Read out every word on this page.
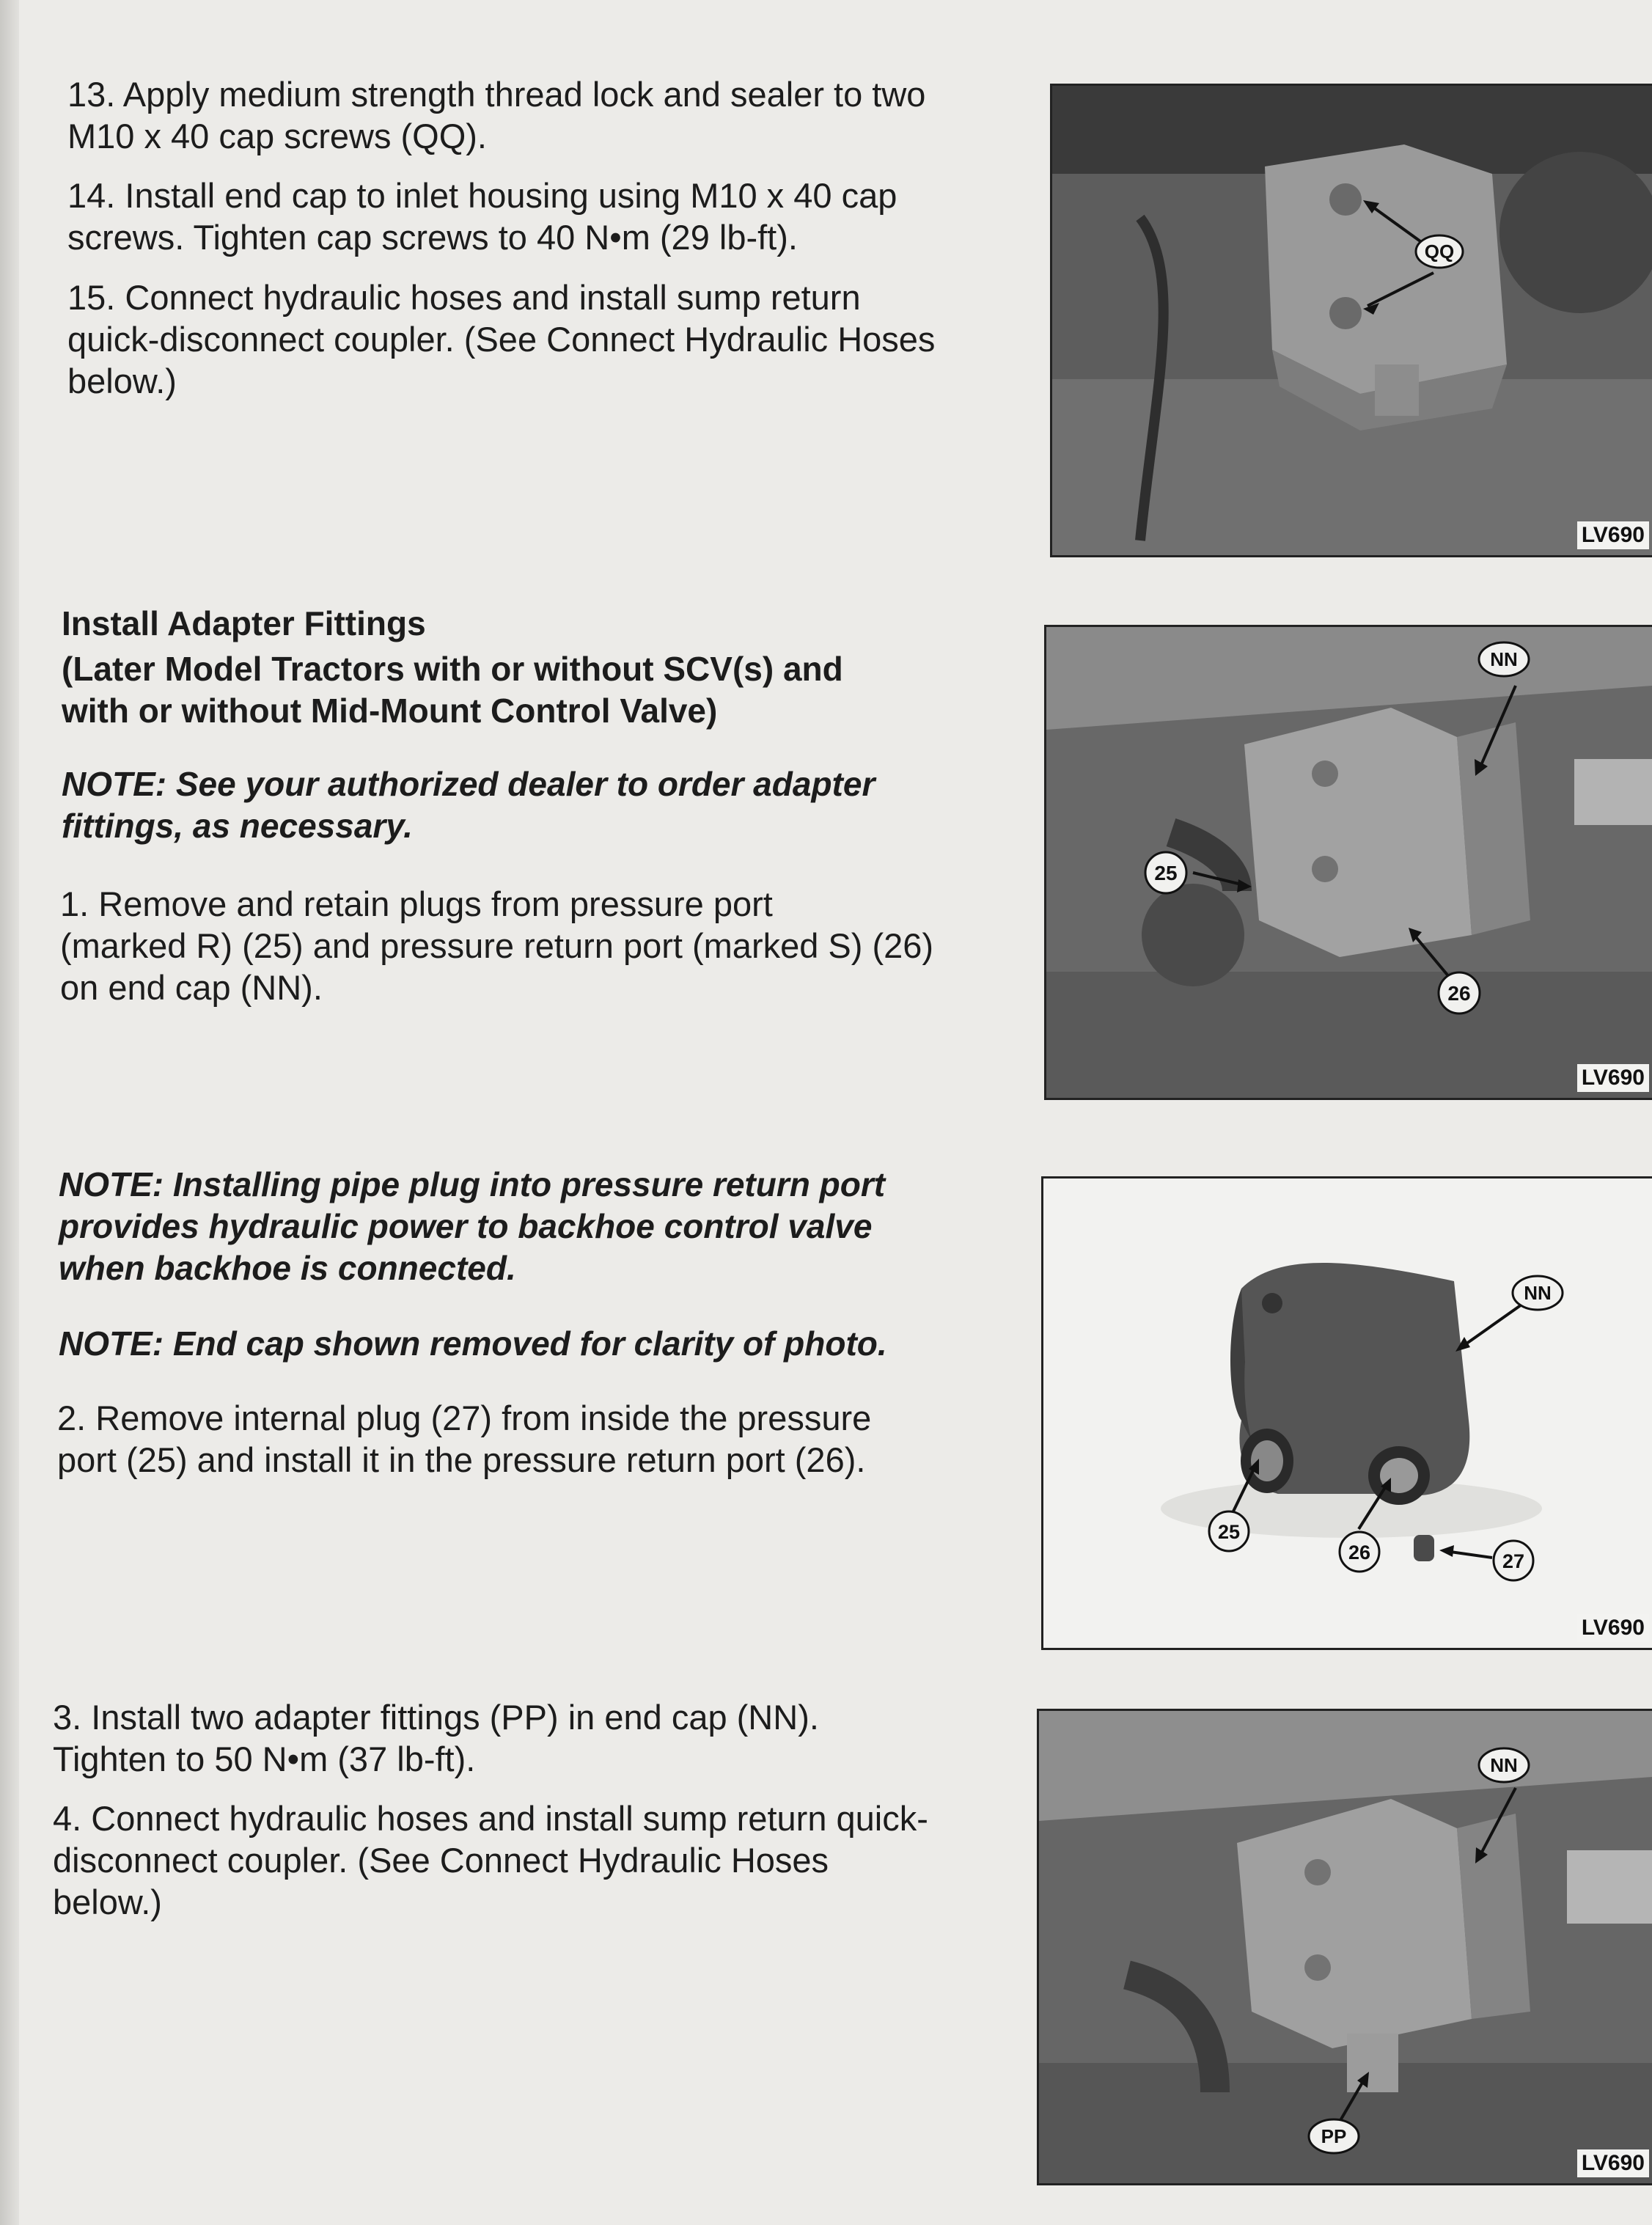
13. Apply medium strength thread lock and sealer to two

M10 x 40 cap screws (QQ).

14. Install end cap to inlet housing using M10 x 40 cap

screws. Tighten cap screws to 40 N•m (29 lb-ft).

15. Connect hydraulic hoses and install sump return

quick-disconnect coupler. (See Connect Hydraulic Hoses

below.)

Install Adapter Fittings

(Later Model Tractors with or without SCV(s) and

with or without Mid-Mount Control Valve)

NOTE: See your authorized dealer to order adapter

fittings, as necessary.

1. Remove and retain plugs from pressure port

(marked R) (25) and pressure return port (marked S) (26)

on end cap (NN).

NOTE: Installing pipe plug into pressure return port

provides hydraulic power to backhoe control valve

when backhoe is connected.

NOTE: End cap shown removed for clarity of photo.

2. Remove internal plug (27) from inside the pressure

port (25) and install it in the pressure return port (26).

3. Install two adapter fittings (PP) in end cap (NN).

Tighten to 50 N•m (37 lb-ft).

4. Connect hydraulic hoses and install sump return quick-

disconnect coupler. (See Connect Hydraulic Hoses

below.)

QQ
LV690
NN
25
26
LV690
NN
25
26	27
LV690
NN
PP
LV690
